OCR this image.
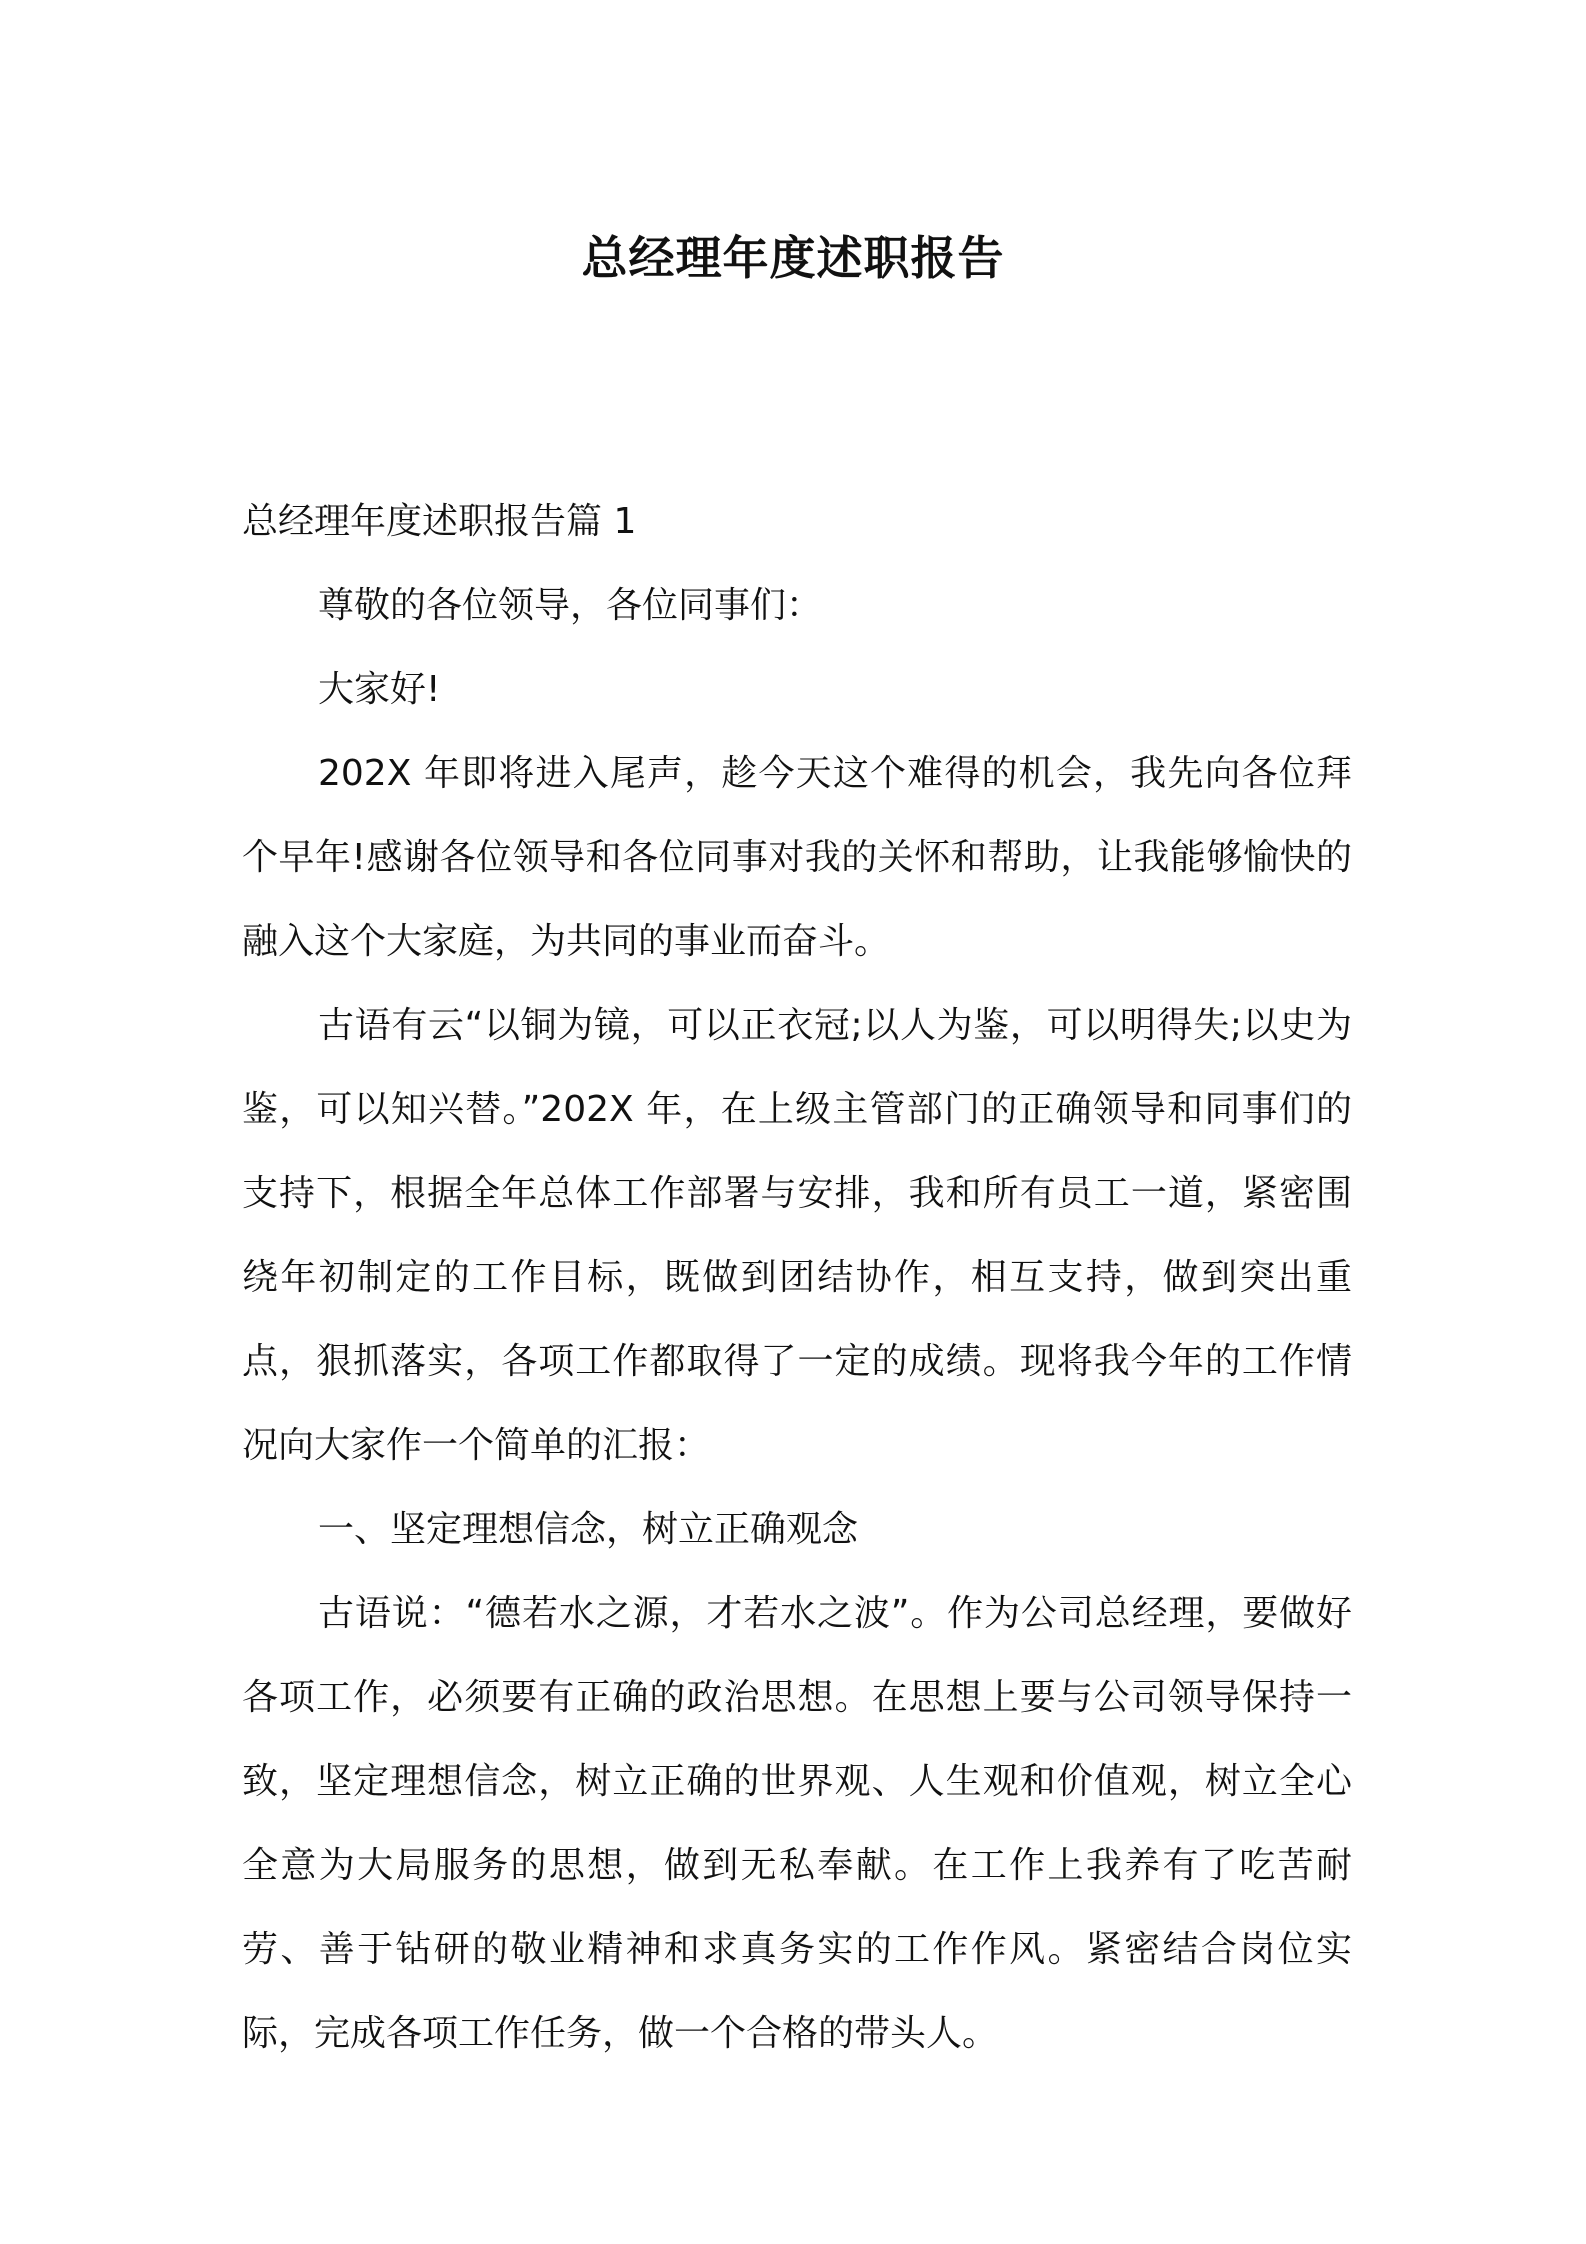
总经理年度述职报告

总经理年度述职报告篇 1

尊敬的各位领导，各位同事们：

大家好!

202X 年即将进入尾声，趁今天这个难得的机会，我先向各位拜个早年!感谢各位领导和各位同事对我的关怀和帮助，让我能够愉快的融入这个大家庭，为共同的事业而奋斗。

古语有云“以铜为镜，可以正衣冠;以人为鉴，可以明得失;以史为鉴，可以知兴替。”202X 年，在上级主管部门的正确领导和同事们的支持下，根据全年总体工作部署与安排，我和所有员工一道，紧密围绕年初制定的工作目标，既做到团结协作，相互支持，做到突出重点，狠抓落实，各项工作都取得了一定的成绩。现将我今年的工作情况向大家作一个简单的汇报：

一、坚定理想信念，树立正确观念

古语说：“德若水之源，才若水之波”。作为公司总经理，要做好各项工作，必须要有正确的政治思想。在思想上要与公司领导保持一致，坚定理想信念，树立正确的世界观、人生观和价值观，树立全心全意为大局服务的思想，做到无私奉献。在工作上我养有了吃苦耐劳、善于钻研的敬业精神和求真务实的工作作风。紧密结合岗位实际，完成各项工作任务，做一个合格的带头人。
